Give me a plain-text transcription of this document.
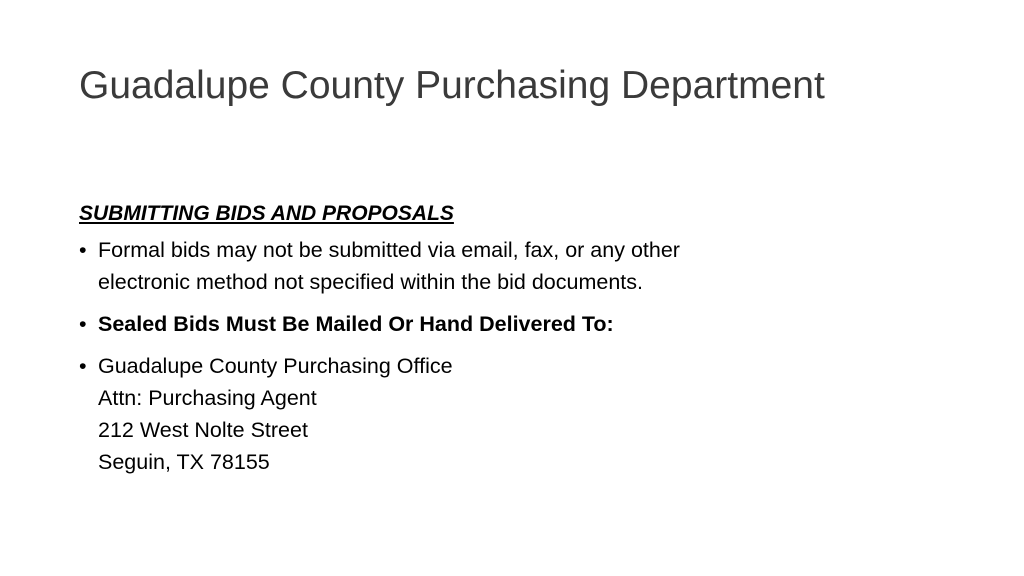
Guadalupe County Purchasing Department
SUBMITTING BIDS AND PROPOSALS
• Formal bids may not be submitted via email, fax, or any other
electronic method not specified within the bid documents.
• Sealed Bids Must Be Mailed Or Hand Delivered To:
• Guadalupe County Purchasing Office
Attn: Purchasing Agent
212 West Nolte Street
Seguin, TX 78155
